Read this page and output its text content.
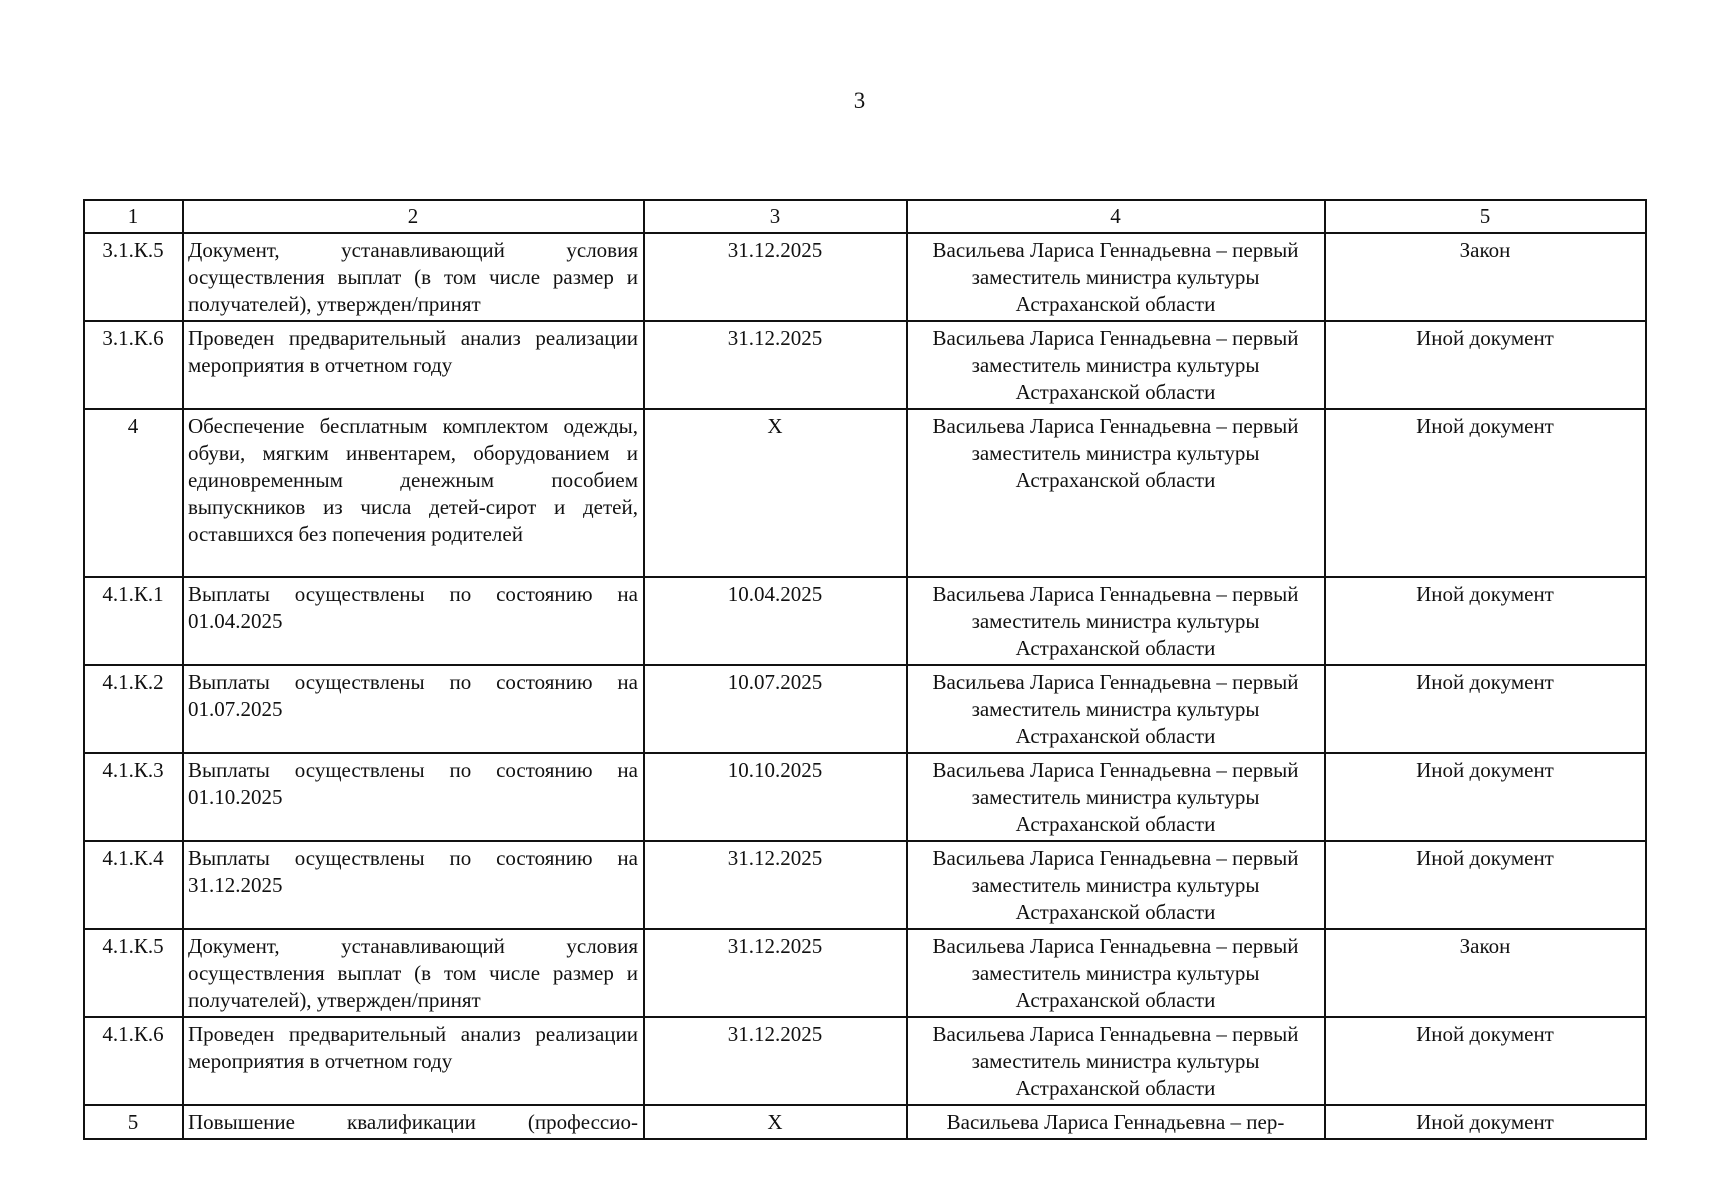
3
1	2	3	4	5
3.1.К.5	Документ, устанавливающий условия осуществления выплат (в том числе размер и получателей), утвержден/принят	31.12.2025	Васильева Лариса Геннадьевна – первый заместитель министра культуры Астраханской области	Закон
3.1.К.6	Проведен предварительный анализ реализации мероприятия в отчетном году	31.12.2025	Васильева Лариса Геннадьевна – первый заместитель министра культуры Астраханской области	Иной документ
4	Обеспечение бесплатным комплектом одежды, обуви, мягким инвентарем, оборудованием и единовременным денежным пособием выпускников из числа детей-сирот и детей, оставшихся без попечения родителей	Х	Васильева Лариса Геннадьевна – первый заместитель министра культуры Астраханской области	Иной документ
4.1.К.1	Выплаты осуществлены по состоянию на 01.04.2025	10.04.2025	Васильева Лариса Геннадьевна – первый заместитель министра культуры Астраханской области	Иной документ
4.1.К.2	Выплаты осуществлены по состоянию на 01.07.2025	10.07.2025	Васильева Лариса Геннадьевна – первый заместитель министра культуры Астраханской области	Иной документ
4.1.К.3	Выплаты осуществлены по состоянию на 01.10.2025	10.10.2025	Васильева Лариса Геннадьевна – первый заместитель министра культуры Астраханской области	Иной документ
4.1.К.4	Выплаты осуществлены по состоянию на 31.12.2025	31.12.2025	Васильева Лариса Геннадьевна – первый заместитель министра культуры Астраханской области	Иной документ
4.1.К.5	Документ, устанавливающий условия осуществления выплат (в том числе размер и получателей), утвержден/принят	31.12.2025	Васильева Лариса Геннадьевна – первый заместитель министра культуры Астраханской области	Закон
4.1.К.6	Проведен предварительный анализ реализации мероприятия в отчетном году	31.12.2025	Васильева Лариса Геннадьевна – первый заместитель министра культуры Астраханской области	Иной документ
5	Повышение квалификации (профессио-	Х	Васильева Лариса Геннадьевна – пер-	Иной документ
